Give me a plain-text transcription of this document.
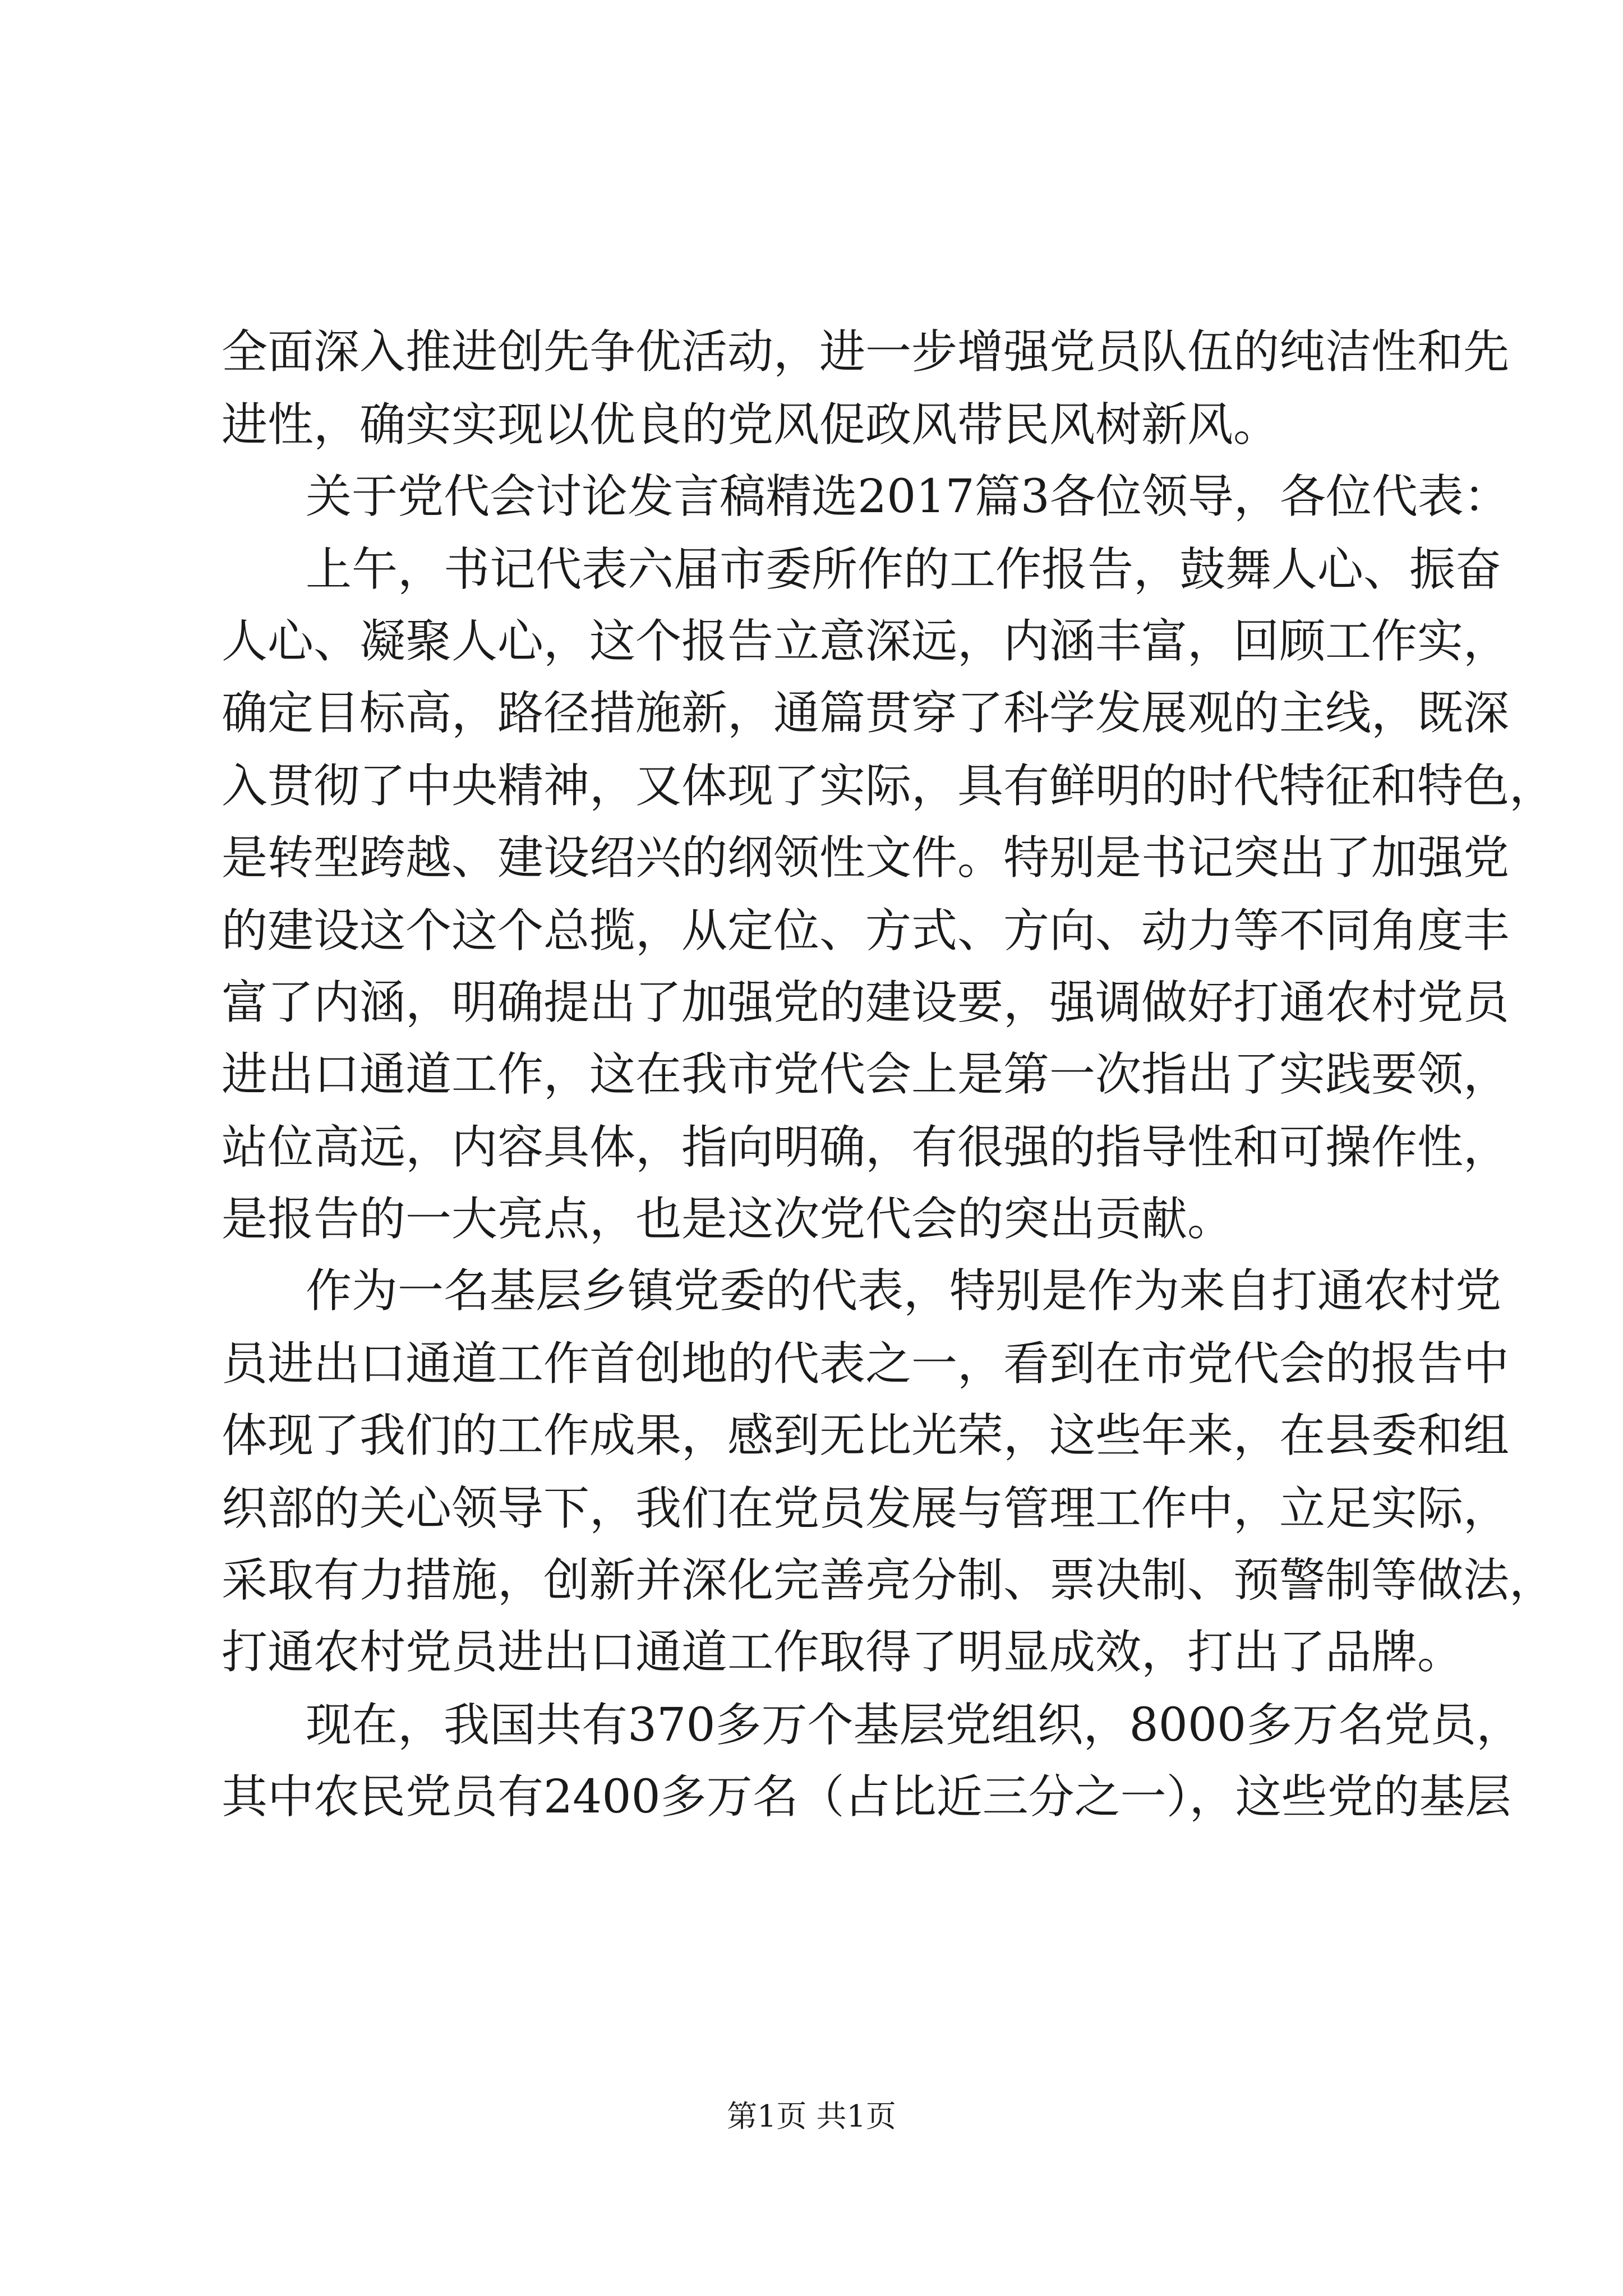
全面深入推进创先争优活动，进一步增强党员队伍的纯洁性和先
进性，确实实现以优良的党风促政风带民风树新风。
关于党代会讨论发言稿精选2017篇3各位领导，各位代表：
上午，书记代表六届市委所作的工作报告，鼓舞人心、振奋
人心、凝聚人心，这个报告立意深远，内涵丰富，回顾工作实，
确定目标高，路径措施新，通篇贯穿了科学发展观的主线，既深
入贯彻了中央精神，又体现了实际，具有鲜明的时代特征和特色，
是转型跨越、建设绍兴的纲领性文件。特别是书记突出了加强党
的建设这个这个总揽，从定位、方式、方向、动力等不同角度丰
富了内涵，明确提出了加强党的建设要，强调做好打通农村党员
进出口通道工作，这在我市党代会上是第一次指出了实践要领，
站位高远，内容具体，指向明确，有很强的指导性和可操作性，
是报告的一大亮点，也是这次党代会的突出贡献。
作为一名基层乡镇党委的代表，特别是作为来自打通农村党
员进出口通道工作首创地的代表之一，看到在市党代会的报告中
体现了我们的工作成果，感到无比光荣，这些年来，在县委和组
织部的关心领导下，我们在党员发展与管理工作中，立足实际，
采取有力措施，创新并深化完善亮分制、票决制、预警制等做法，
打通农村党员进出口通道工作取得了明显成效，打出了品牌。
现在，我国共有370多万个基层党组织，8000多万名党员，
其中农民党员有2400多万名（占比近三分之一），这些党的基层
第1页 共1页
